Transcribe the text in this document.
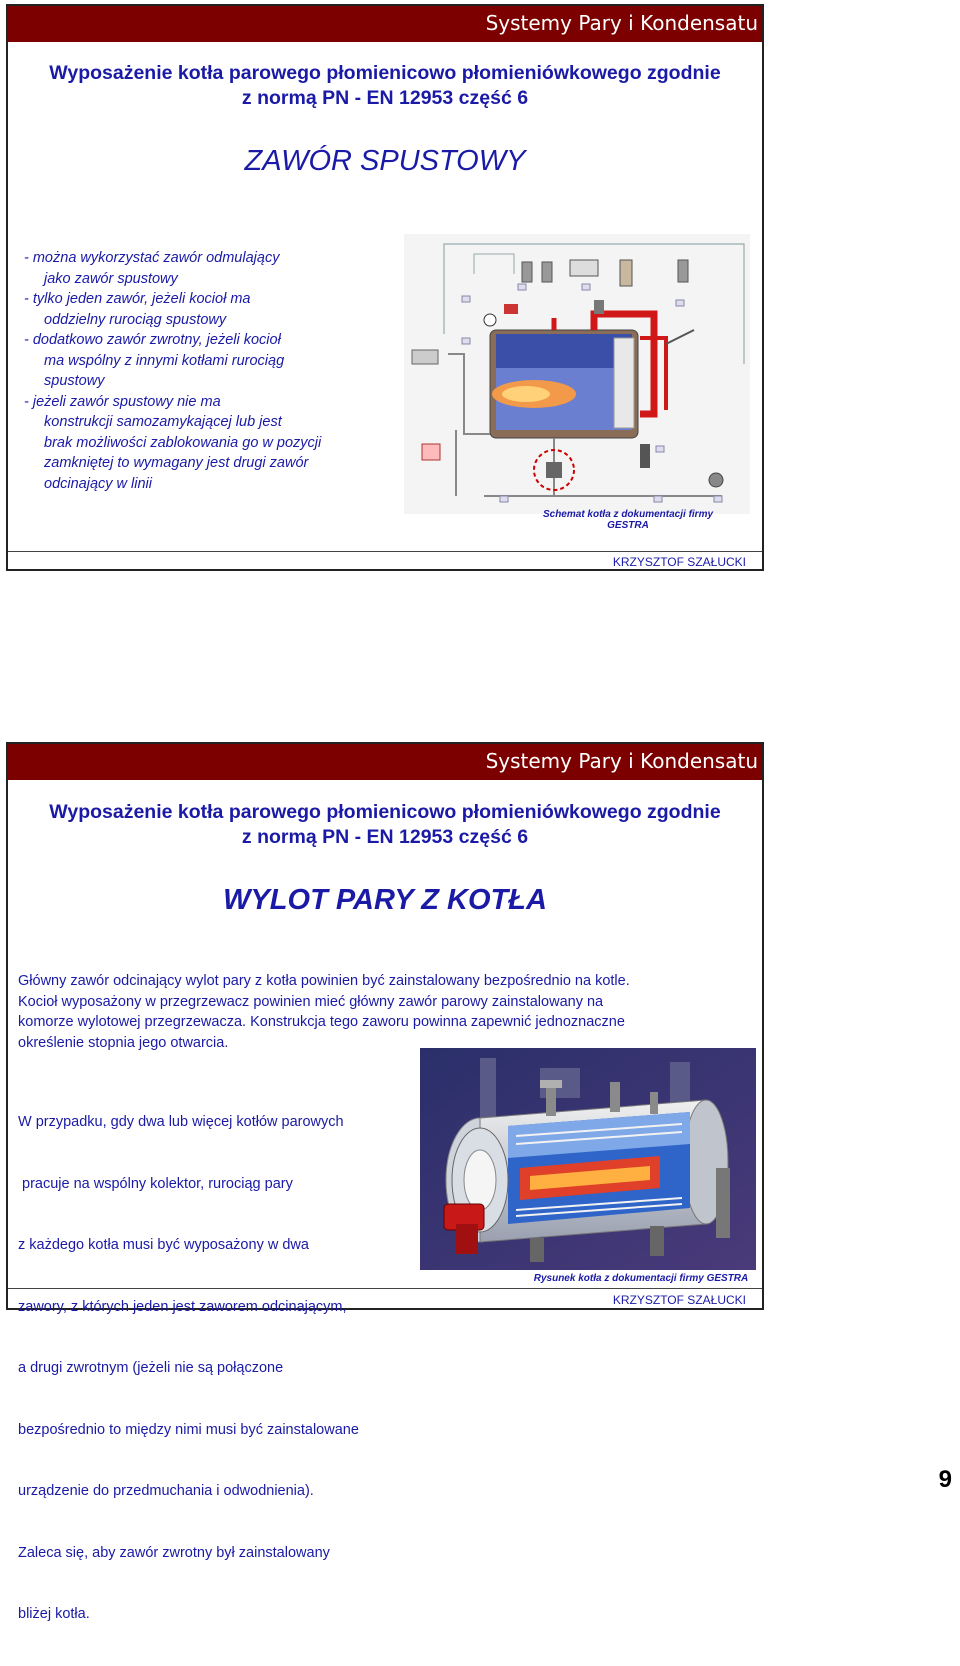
Systemy Pary i Kondensatu
Wyposażenie kotła parowego płomienicowo płomieniówkowego zgodnie
z normą PN - EN 12953 część 6
ZAWÓR SPUSTOWY
- można wykorzystać zawór odmulający
jako zawór spustowy
- tylko jeden zawór, jeżeli kocioł ma
oddzielny rurociąg spustowy
- dodatkowo zawór zwrotny, jeżeli kocioł
ma wspólny z innymi kotłami rurociąg
spustowy
- jeżeli zawór spustowy nie ma
konstrukcji samozamykającej lub jest
brak możliwości zablokowania go w pozycji
zamkniętej to wymagany jest drugi zawór
odcinający w linii
Schemat kotła z dokumentacji firmy
GESTRA
KRZYSZTOF SZAŁUCKI
Systemy Pary i Kondensatu
Wyposażenie kotła parowego płomienicowo płomieniówkowego zgodnie
z normą PN - EN 12953 część 6
WYLOT PARY Z KOTŁA
Główny zawór odcinający wylot pary z kotła powinien być zainstalowany bezpośrednio na kotle.
Kocioł wyposażony w przegrzewacz powinien mieć główny zawór parowy zainstalowany na
komorze wylotowej przegrzewacza. Konstrukcja tego zaworu powinna zapewnić jednoznaczne
określenie stopnia jego otwarcia.

W przypadku, gdy dwa lub więcej kotłów parowych

pracuje na wspólny kolektor, rurociąg pary

z każdego kotła musi być wyposażony w dwa

zawory, z których jeden jest zaworem odcinającym,

a drugi zwrotnym (jeżeli nie są połączone

bezpośrednio to między nimi musi być zainstalowane

urządzenie do przedmuchania i odwodnienia).

Zaleca się, aby zawór zwrotny był zainstalowany

bliżej kotła.

Rysunek kotła z dokumentacji firmy GESTRA
KRZYSZTOF SZAŁUCKI
9
